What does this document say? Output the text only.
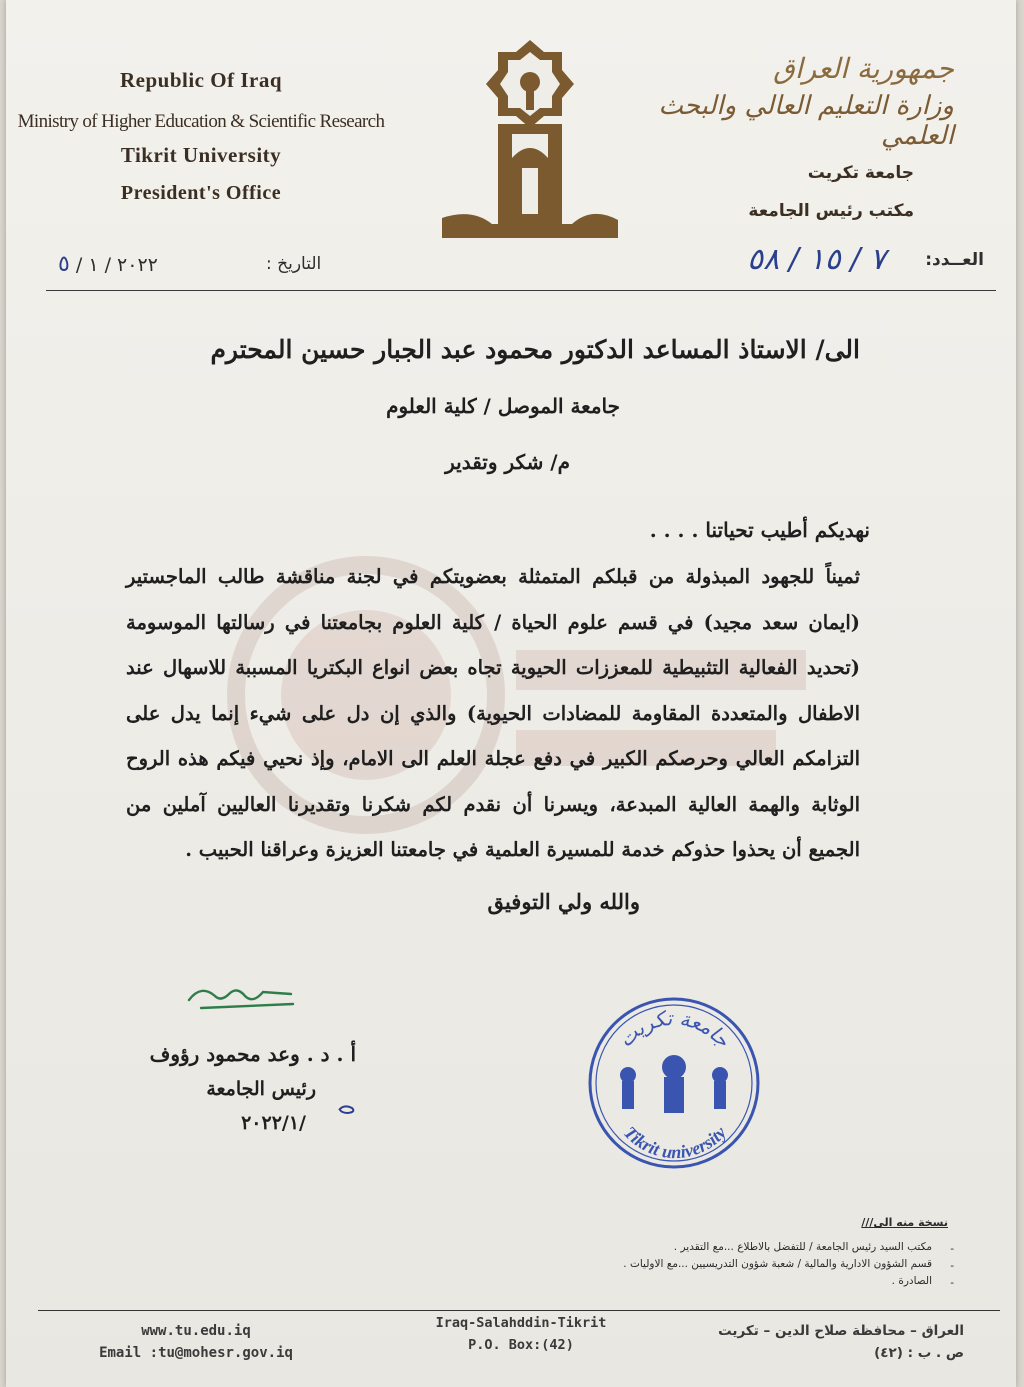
Republic Of Iraq
Ministry of Higher Education & Scientific Research
Tikrit University
President's Office
جمهورية العراق
وزارة التعليم العالي والبحث العلمي
جامعة تكريت
مكتب رئيس الجامعة
العــدد:
٧ / ١٥ / ٥٨
التاريخ :
٢٠٢٢ / ١ / ٥
الى/ الاستاذ المساعد الدكتور محمود عبد الجبار حسين المحترم
جامعة الموصل / كلية العلوم
م/ شكر وتقدير
نهديكم أطيب تحياتنا . . . .
ثميناً للجهود المبذولة من قبلكم المتمثلة بعضويتكم في لجنة مناقشة طالب الماجستير (ايمان سعد مجيد) في قسم علوم الحياة / كلية العلوم بجامعتنا في رسالتها الموسومة (تحديد الفعالية التثبيطية للمعززات الحيوية تجاه بعض انواع البكتريا المسببة للاسهال عند الاطفال والمتعددة المقاومة للمضادات الحيوية) والذي إن دل على شيء إنما يدل على التزامكم العالي وحرصكم الكبير في دفع عجلة العلم الى الامام، وإذ نحيي فيكم هذه الروح الوثابة والهمة العالية المبدعة، ويسرنا أن نقدم لكم شكرنا وتقديرنا العاليين آملين من الجميع أن يحذوا حذوكم خدمة للمسيرة العلمية في جامعتنا العزيزة وعراقنا الحبيب .
والله ولي التوفيق
أ . د . وعد محمود رؤوف
رئيس الجامعة
/٢٠٢٢/١
جامعة تكريت
Tikrit university
نسخة منه الى///
- مكتب السيد رئيس الجامعة / للتفضل بالاطلاع ...مع التقدير .
- قسم الشؤون الادارية والمالية / شعبة شؤون التدريسيين ...مع الاوليات .
- الصادرة .
www.tu.edu.iq
Email :tu@mohesr.gov.iq
Iraq-Salahddin-Tikrit
P.O. Box:(42)
العراق – محافظة صلاح الدين – تكريت
ص . ب : (٤٢)
